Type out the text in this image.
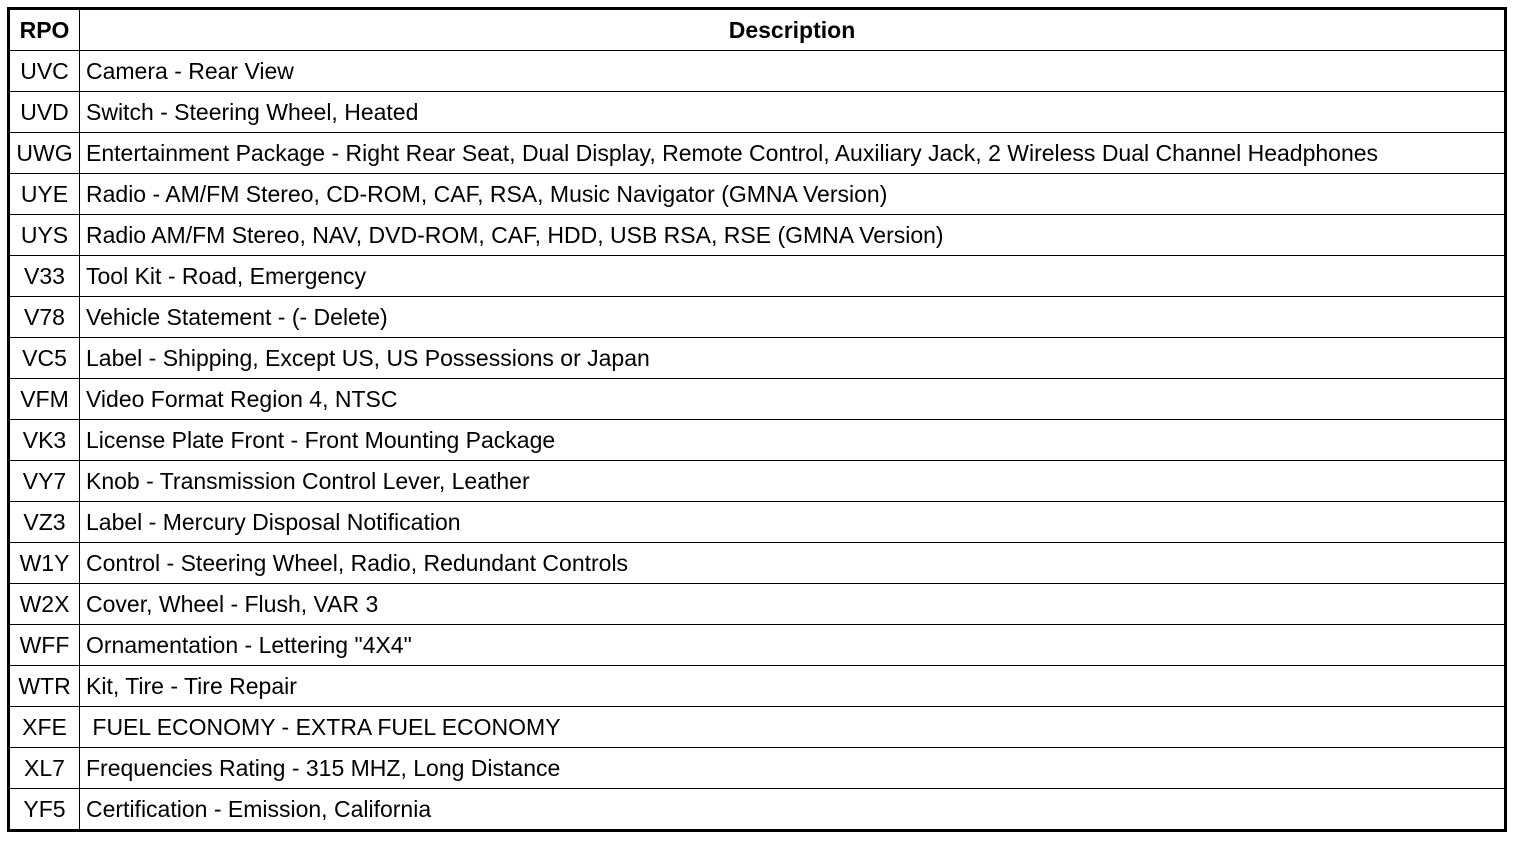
RPO	Description
UVC	Camera - Rear View
UVD	Switch - Steering Wheel, Heated
UWG	Entertainment Package - Right Rear Seat, Dual Display, Remote Control, Auxiliary Jack, 2 Wireless Dual Channel Headphones
UYE	Radio - AM/FM Stereo, CD-ROM, CAF, RSA, Music Navigator (GMNA Version)
UYS	Radio AM/FM Stereo, NAV, DVD-ROM, CAF, HDD, USB RSA, RSE (GMNA Version)
V33	Tool Kit - Road, Emergency
V78	Vehicle Statement - (- Delete)
VC5	Label - Shipping, Except US, US Possessions or Japan
VFM	Video Format Region 4, NTSC
VK3	License Plate Front - Front Mounting Package
VY7	Knob - Transmission Control Lever, Leather
VZ3	Label - Mercury Disposal Notification
W1Y	Control - Steering Wheel, Radio, Redundant Controls
W2X	Cover, Wheel - Flush, VAR 3
WFF	Ornamentation - Lettering "4X4"
WTR	Kit, Tire - Tire Repair
XFE	FUEL ECONOMY - EXTRA FUEL ECONOMY
XL7	Frequencies Rating - 315 MHZ, Long Distance
YF5	Certification - Emission, California
